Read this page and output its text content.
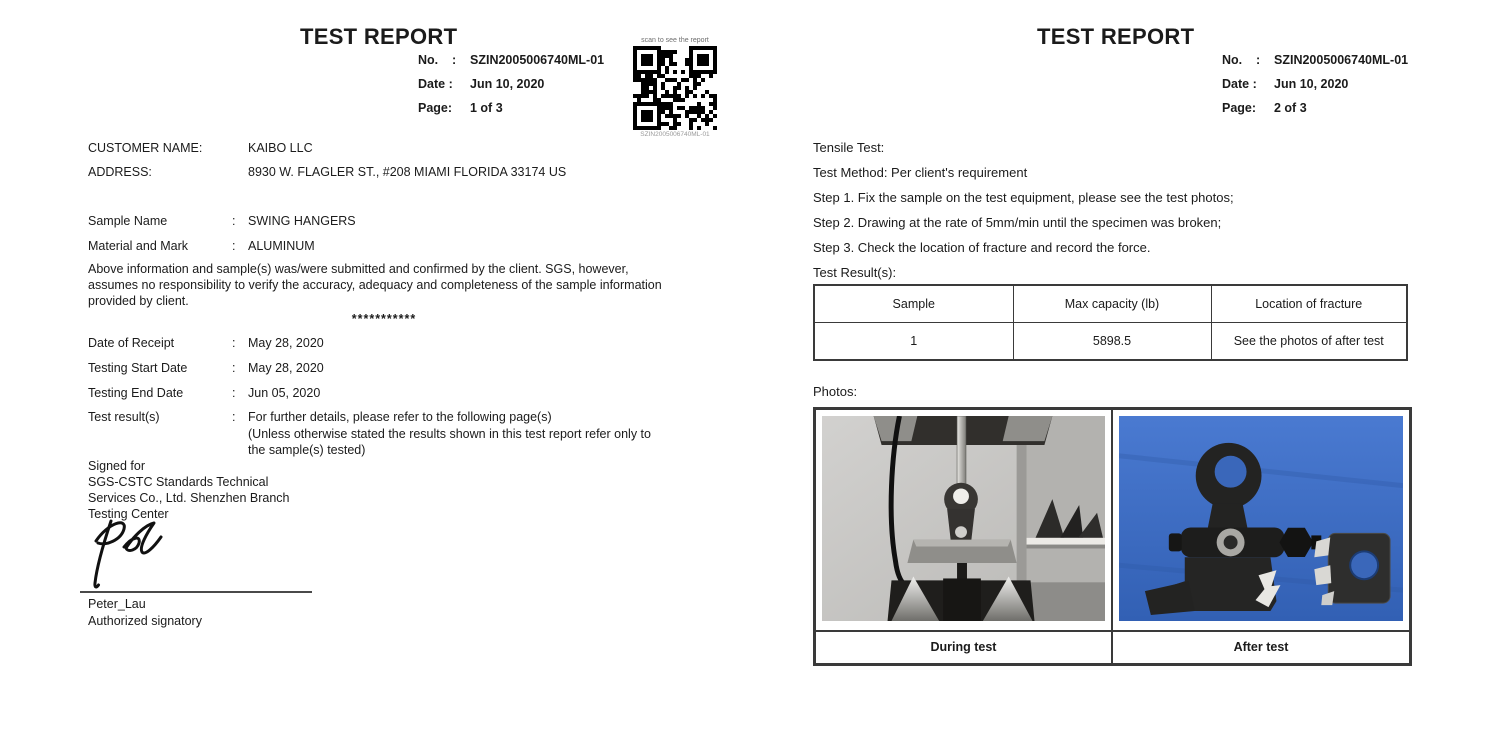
TEST REPORT
No. : SZIN2005006740ML-01
Date : Jun 10, 2020
Page: 1 of 3
scan to see the report
SZIN2005006740ML-01
CUSTOMER NAME:	KAIBO LLC
ADDRESS:	8930 W. FLAGLER ST., #208 MIAMI FLORIDA 33174 US
Sample Name	: SWING HANGERS
Material and Mark	: ALUMINUM
Above information and sample(s) was/were submitted and confirmed by the client. SGS, however, assumes no responsibility to verify the accuracy, adequacy and completeness of the sample information provided by client.
***********
Date of Receipt	: May 28, 2020
Testing Start Date	: May 28, 2020
Testing End Date	: Jun 05, 2020
Test result(s)	: For further details, please refer to the following page(s)
(Unless otherwise stated the results shown in this test report refer only to
the sample(s) tested)
Signed for
SGS-CSTC Standards Technical
Services Co., Ltd. Shenzhen Branch
Testing Center
Peter_Lau
Authorized signatory
TEST REPORT
No. : SZIN2005006740ML-01
Date : Jun 10, 2020
Page: 2 of 3
Tensile Test:
Test Method: Per client's requirement
Step 1. Fix the sample on the test equipment, please see the test photos;
Step 2. Drawing at the rate of 5mm/min until the specimen was broken;
Step 3. Check the location of fracture and record the force.
Test Result(s):
Sample	Max capacity (lb)	Location of fracture
1	5898.5	See the photos of after test
Photos:
During test	After test
